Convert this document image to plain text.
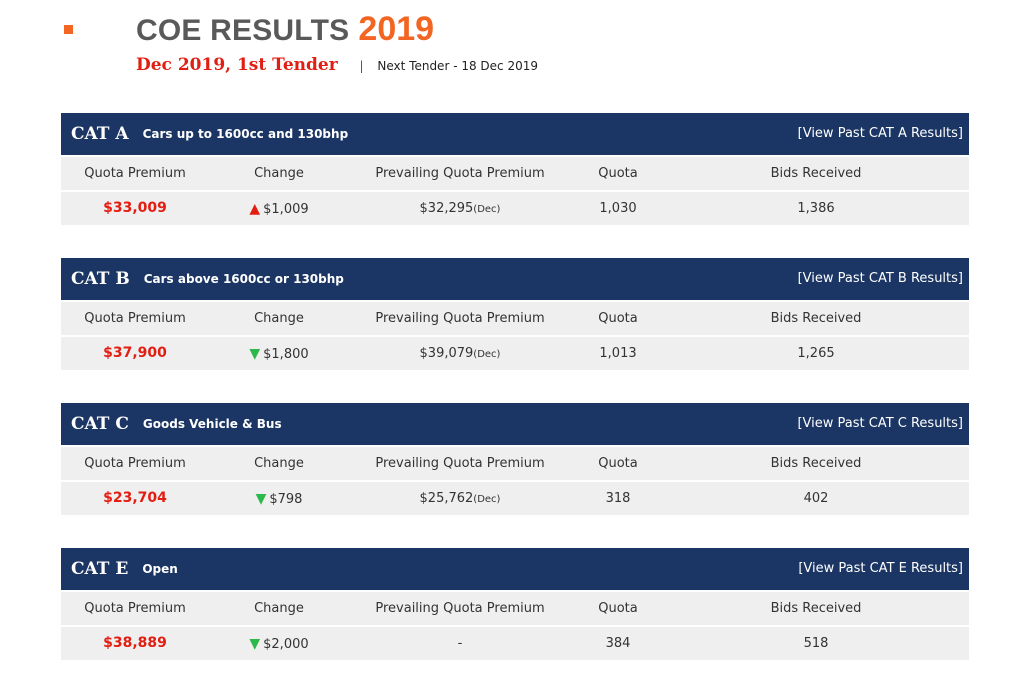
COE RESULTS 2019
Dec 2019, 1st Tender | Next Tender - 18 Dec 2019
CAT A Cars up to 1600cc and 130bhp	[View Past CAT A Results]
Quota Premium	Change	Prevailing Quota Premium	Quota	Bids Received
$33,009	▲ $1,009	$32,295(Dec)	1,030	1,386
CAT B Cars above 1600cc or 130bhp	[View Past CAT B Results]
Quota Premium	Change	Prevailing Quota Premium	Quota	Bids Received
$37,900	▼ $1,800	$39,079(Dec)	1,013	1,265
CAT C Goods Vehicle & Bus	[View Past CAT C Results]
Quota Premium	Change	Prevailing Quota Premium	Quota	Bids Received
$23,704	▼ $798	$25,762(Dec)	318	402
CAT E Open	[View Past CAT E Results]
Quota Premium	Change	Prevailing Quota Premium	Quota	Bids Received
$38,889	▼ $2,000	-	384	518
